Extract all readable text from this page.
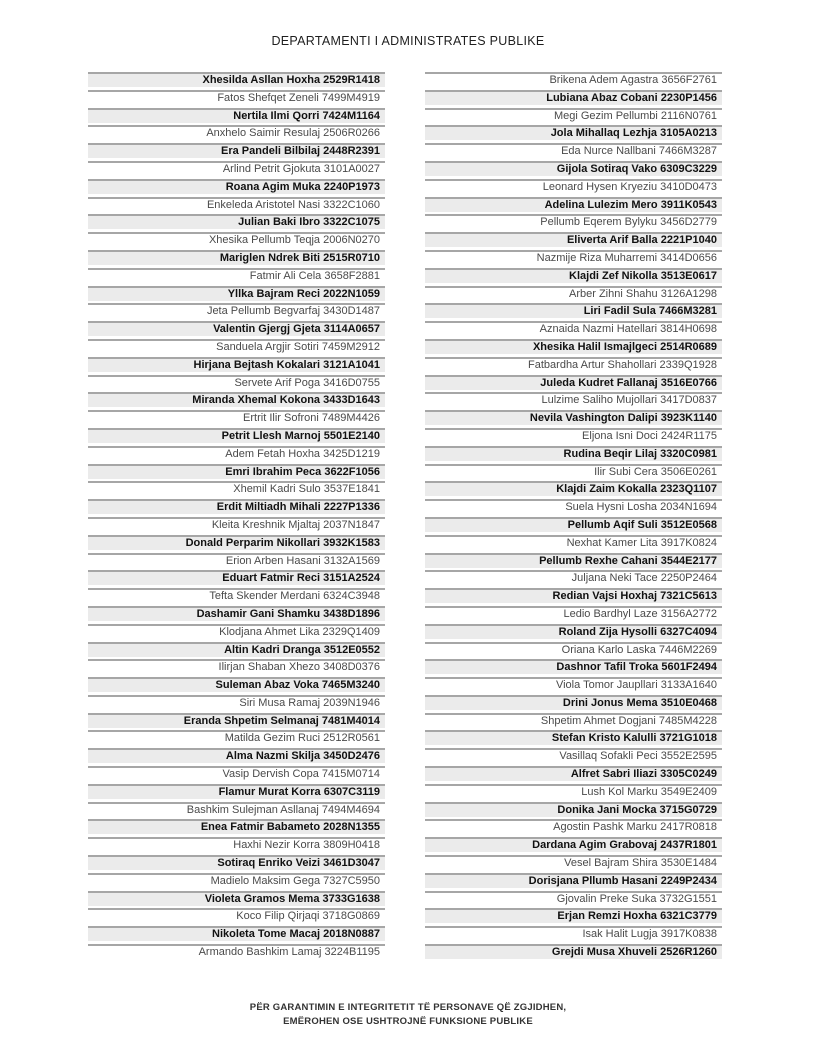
DEPARTAMENTI I ADMINISTRATES PUBLIKE
Xhesilda Asllan Hoxha 2529R1418
Fatos Shefqet Zeneli 7499M4919
Nertila Ilmi Qorri 7424M1164
Anxhelo Saimir Resulaj 2506R0266
Era Pandeli Bilbilaj 2448R2391
Arlind Petrit Gjokuta 3101A0027
Roana Agim Muka 2240P1973
Enkeleda Aristotel Nasi 3322C1060
Julian Baki Ibro 3322C1075
Xhesika Pellumb Teqja 2006N0270
Mariglen Ndrek Biti 2515R0710
Fatmir Ali Cela 3658F2881
Yllka Bajram Reci 2022N1059
Jeta Pellumb Begvarfaj 3430D1487
Valentin Gjergj Gjeta 3114A0657
Sanduela Argjir Sotiri 7459M2912
Hirjana Bejtash Kokalari 3121A1041
Servete Arif Poga 3416D0755
Miranda Xhemal Kokona 3433D1643
Ertrit Ilir Sofroni 7489M4426
Petrit Llesh Marnoj 5501E2140
Adem Fetah Hoxha 3425D1219
Emri Ibrahim Peca 3622F1056
Xhemil Kadri Sulo 3537E1841
Erdit Miltiadh Mihali 2227P1336
Kleita Kreshnik Mjaltaj 2037N1847
Donald Perparim Nikollari 3932K1583
Erion Arben Hasani 3132A1569
Eduart Fatmir Reci 3151A2524
Tefta Skender Merdani 6324C3948
Dashamir Gani Shamku 3438D1896
Klodjana Ahmet Lika 2329Q1409
Altin Kadri Dranga 3512E0552
Ilirjan Shaban Xhezo 3408D0376
Suleman Abaz Voka 7465M3240
Siri Musa Ramaj 2039N1946
Eranda Shpetim Selmanaj 7481M4014
Matilda Gezim Ruci 2512R0561
Alma Nazmi Skilja 3450D2476
Vasip Dervish Copa 7415M0714
Flamur Murat Korra 6307C3119
Bashkim Sulejman Asllanaj 7494M4694
Enea Fatmir Babameto 2028N1355
Haxhi Nezir Korra 3809H0418
Sotiraq Enriko Veizi 3461D3047
Madielo Maksim Gega 7327C5950
Violeta Gramos Mema 3733G1638
Koco Filip Qirjaqi 3718G0869
Nikoleta Tome Macaj 2018N0887
Armando Bashkim Lamaj 3224B1195
Brikena Adem Agastra 3656F2761
Lubiana Abaz Cobani 2230P1456
Megi Gezim Pellumbi 2116N0761
Jola Mihallaq Lezhja 3105A0213
Eda Nurce Nallbani 7466M3287
Gijola Sotiraq Vako 6309C3229
Leonard Hysen Kryeziu 3410D0473
Adelina Lulezim Mero 3911K0543
Pellumb Eqerem Bylyku 3456D2779
Eliverta Arif Balla 2221P1040
Nazmije Riza Muharremi 3414D0656
Klajdi Zef Nikolla 3513E0617
Arber Zihni Shahu 3126A1298
Liri Fadil Sula 7466M3281
Aznaida Nazmi Hatellari 3814H0698
Xhesika Halil Ismajlgeci 2514R0689
Fatbardha Artur Shahollari 2339Q1928
Juleda Kudret Fallanaj 3516E0766
Lulzime Saliho Mujollari 3417D0837
Nevila Vashington Dalipi 3923K1140
Eljona Isni Doci 2424R1175
Rudina Beqir Lilaj 3320C0981
Ilir Subi Cera 3506E0261
Klajdi Zaim Kokalla 2323Q1107
Suela Hysni Losha 2034N1694
Pellumb Aqif Suli 3512E0568
Nexhat Kamer Lita 3917K0824
Pellumb Rexhe Cahani 3544E2177
Juljana Neki Tace 2250P2464
Redian Vajsi Hoxhaj 7321C5613
Ledio Bardhyl Laze 3156A2772
Roland Zija Hysolli 6327C4094
Oriana Karlo Laska 7446M2269
Dashnor Tafil Troka 5601F2494
Viola Tomor Jaupllari 3133A1640
Drini Jonus Mema 3510E0468
Shpetim Ahmet Dogjani 7485M4228
Stefan Kristo Kalulli 3721G1018
Vasillaq Sofakli Peci 3552E2595
Alfret Sabri Iliazi 3305C0249
Lush Kol Marku 3549E2409
Donika Jani Mocka 3715G0729
Agostin Pashk Marku 2417R0818
Dardana Agim Grabovaj 2437R1801
Vesel Bajram Shira 3530E1484
Dorisjana Pllumb Hasani 2249P2434
Gjovalin Preke Suka 3732G1551
Erjan Remzi Hoxha 6321C3779
Isak Halit Lugja 3917K0838
Grejdi Musa Xhuveli 2526R1260
PËR GARANTIMIN E INTEGRITETIT TË PERSONAVE QË ZGJIDHEN,
EMËROHEN OSE USHTROJNË FUNKSIONE PUBLIKE
